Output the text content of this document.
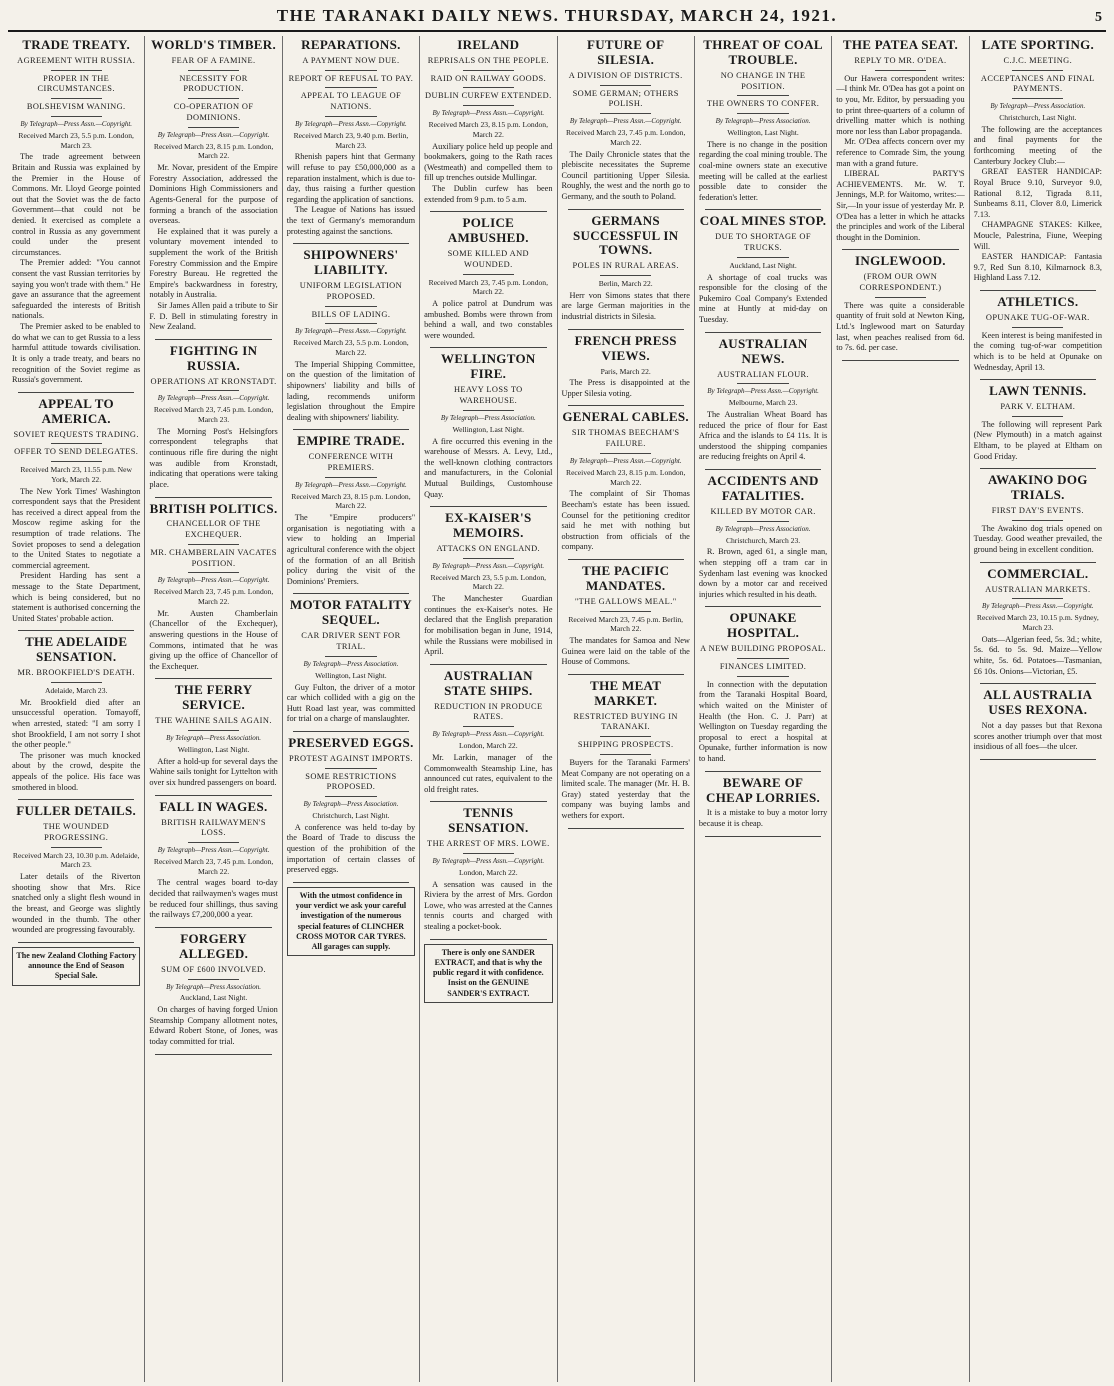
THE TARANAKI DAILY NEWS. THURSDAY, MARCH 24, 1921.	5
TRADE TREATY.
AGREEMENT WITH RUSSIA.
PROPER IN THE CIRCUMSTANCES.
BOLSHEVISM WANING.
By Telegraph—Press Assn.—Copyright.
Received March 23, 5.5 p.m. London, March 23.

The trade agreement between Britain and Russia was explained by the Premier in the House of Commons. Mr. Lloyd George pointed out that the Soviet was the de facto Government—that could not be denied. It exercised as complete a control in Russia as any government could under the present circumstances.

The Premier added: "You cannot consent the vast Russian territories by saying you won't trade with them." He gave an assurance that the agreement safeguarded the interests of British nationals.

The Premier asked to be enabled to do what we can to get Russia to a less harmful attitude towards civilisation. It is only a trade treaty, and bears no recognition of the Soviet regime as Russia's government.

APPEAL TO AMERICA.
SOVIET REQUESTS TRADING.
OFFER TO SEND DELEGATES.
Received March 23, 11.55 p.m. New York, March 22.

The New York Times' Washington correspondent says that the President has received a direct appeal from the Moscow regime asking for the resumption of trade relations. The Soviet proposes to send a delegation to the United States to negotiate a commercial agreement.

President Harding has sent a message to the State Department, which is being considered, but no statement is authorised concerning the United States' probable action.

THE ADELAIDE SENSATION.
MR. BROOKFIELD'S DEATH.
Adelaide, March 23.

Mr. Brookfield died after an unsuccessful operation. Tomayoff, when arrested, stated: "I am sorry I shot Brookfield, I am not sorry I shot the other people."

The prisoner was much knocked about by the crowd, despite the appeals of the police. His face was smothered in blood.

FULLER DETAILS.
THE WOUNDED PROGRESSING.
Received March 23, 10.30 p.m. Adelaide, March 23.

Later details of the Riverton shooting show that Mrs. Rice snatched only a slight flesh wound in the breast, and George was slightly wounded in the thumb. The other wounded are progressing favourably.

The new Zealand Clothing Factory announce the End of Season Special Sale.
WORLD'S TIMBER.
FEAR OF A FAMINE.
NECESSITY FOR PRODUCTION.
CO-OPERATION OF DOMINIONS.
By Telegraph—Press Assn.—Copyright.
Received March 23, 8.15 p.m. London, March 22.

Mr. Novar, president of the Empire Forestry Association, addressed the Dominions High Commissioners and Agents-General for the purpose of forming a branch of the association overseas.

He explained that it was purely a voluntary movement intended to supplement the work of the British Forestry Commission and the Empire Forestry Bureau. He regretted the Empire's backwardness in forestry, notably in Australia.

Sir James Allen paid a tribute to Sir F. D. Bell in stimulating forestry in New Zealand.

FIGHTING IN RUSSIA.
OPERATIONS AT KRONSTADT.
By Telegraph—Press Assn.—Copyright.
Received March 23, 7.45 p.m. London, March 23.

The Morning Post's Helsingfors correspondent telegraphs that continuous rifle fire during the night was audible from Kronstadt, indicating that operations were taking place.

BRITISH POLITICS.
CHANCELLOR OF THE EXCHEQUER.
MR. CHAMBERLAIN VACATES POSITION.
By Telegraph—Press Assn.—Copyright.
Received March 23, 7.45 p.m. London, March 22.

Mr. Austen Chamberlain (Chancellor of the Exchequer), answering questions in the House of Commons, intimated that he was giving up the office of Chancellor of the Exchequer.

THE FERRY SERVICE.
THE WAHINE SAILS AGAIN.
By Telegraph—Press Association.
Wellington, Last Night.

After a hold-up for several days the Wahine sails tonight for Lyttelton with over six hundred passengers on board.

FALL IN WAGES.
BRITISH RAILWAYMEN'S LOSS.
By Telegraph—Press Assn.—Copyright.
Received March 23, 7.45 p.m. London, March 22.

The central wages board to-day decided that railwaymen's wages must be reduced four shillings, thus saving the railways £7,200,000 a year.

FORGERY ALLEGED.
SUM OF £600 INVOLVED.
By Telegraph—Press Association.
Auckland, Last Night.

On charges of having forged Union Steamship Company allotment notes, Edward Robert Stone, of Jones, was today committed for trial.

REPARATIONS.
A PAYMENT NOW DUE.
REPORT OF REFUSAL TO PAY.
APPEAL TO LEAGUE OF NATIONS.
By Telegraph—Press Assn.—Copyright.
Received March 23, 9.40 p.m. Berlin, March 23.

Rhenish papers hint that Germany will refuse to pay £50,000,000 as a reparation instalment, which is due to-day, thus raising a further question regarding the application of sanctions.

The League of Nations has issued the text of Germany's memorandum protesting against the sanctions.

SHIPOWNERS' LIABILITY.
UNIFORM LEGISLATION PROPOSED.
BILLS OF LADING.
By Telegraph—Press Assn.—Copyright.
Received March 23, 5.5 p.m. London, March 22.

The Imperial Shipping Committee, on the question of the limitation of shipowners' liability and bills of lading, recommends uniform legislation throughout the Empire dealing with shipowners' liability.

EMPIRE TRADE.
CONFERENCE WITH PREMIERS.
By Telegraph—Press Assn.—Copyright.
Received March 23, 8.15 p.m. London, March 22.

The "Empire producers" organisation is negotiating with a view to holding an Imperial agricultural conference with the object of the formation of an all British policy during the visit of the Dominions' Premiers.

MOTOR FATALITY SEQUEL.
CAR DRIVER SENT FOR TRIAL.
By Telegraph—Press Association.
Wellington, Last Night.

Guy Fulton, the driver of a motor car which collided with a gig on the Hutt Road last year, was committed for trial on a charge of manslaughter.

PRESERVED EGGS.
PROTEST AGAINST IMPORTS.
SOME RESTRICTIONS PROPOSED.
By Telegraph—Press Association.
Christchurch, Last Night.

A conference was held to-day by the Board of Trade to discuss the question of the prohibition of the importation of certain classes of preserved eggs.

With the utmost confidence in your verdict we ask your careful investigation of the numerous special features of CLINCHER CROSS MOTOR CAR TYRES. All garages can supply.
IRELAND
REPRISALS ON THE PEOPLE.
RAID ON RAILWAY GOODS.
DUBLIN CURFEW EXTENDED.
By Telegraph—Press Assn.—Copyright.
Received March 23, 8.15 p.m. London, March 22.

Auxiliary police held up people and bookmakers, going to the Rath races (Westmeath) and compelled them to fill up trenches outside Mullingar.

The Dublin curfew has been extended from 9 p.m. to 5 a.m.

POLICE AMBUSHED.
SOME KILLED AND WOUNDED.
Received March 23, 7.45 p.m. London, March 22.

A police patrol at Dundrum was ambushed. Bombs were thrown from behind a wall, and two constables were wounded.

WELLINGTON FIRE.
HEAVY LOSS TO WAREHOUSE.
By Telegraph—Press Association.
Wellington, Last Night.

A fire occurred this evening in the warehouse of Messrs. A. Levy, Ltd., the well-known clothing contractors and manufacturers, in the Colonial Mutual Buildings, Customhouse Quay.

EX-KAISER'S MEMOIRS.
ATTACKS ON ENGLAND.
By Telegraph—Press Assn.—Copyright.
Received March 23, 5.5 p.m. London, March 22.

The Manchester Guardian continues the ex-Kaiser's notes. He declared that the English preparation for mobilisation began in June, 1914, while the Russians were mobilised in April.

AUSTRALIAN STATE SHIPS.
REDUCTION IN PRODUCE RATES.
By Telegraph—Press Assn.—Copyright.
London, March 22.

Mr. Larkin, manager of the Commonwealth Steamship Line, has announced cut rates, equivalent to the old freight rates.

TENNIS SENSATION.
THE ARREST OF MRS. LOWE.
By Telegraph—Press Assn.—Copyright.
London, March 22.

A sensation was caused in the Riviera by the arrest of Mrs. Gordon Lowe, who was arrested at the Cannes tennis courts and charged with stealing a pocket-book.

There is only one SANDER EXTRACT, and that is why the public regard it with confidence. Insist on the GENUINE SANDER'S EXTRACT.
FUTURE OF SILESIA.
A DIVISION OF DISTRICTS.
SOME GERMAN; OTHERS POLISH.
By Telegraph—Press Assn.—Copyright.
Received March 23, 7.45 p.m. London, March 22.

The Daily Chronicle states that the plebiscite necessitates the Supreme Council partitioning Upper Silesia. Roughly, the west and the north go to Germany, and the south to Poland.

GERMANS SUCCESSFUL IN TOWNS.
POLES IN RURAL AREAS.
Berlin, March 22.

Herr von Simons states that there are large German majorities in the industrial districts in Silesia.

FRENCH PRESS VIEWS.
Paris, March 22.

The Press is disappointed at the Upper Silesia voting.

GENERAL CABLES.
SIR THOMAS BEECHAM'S FAILURE.
By Telegraph—Press Assn.—Copyright.
Received March 23, 8.15 p.m. London, March 22.

The complaint of Sir Thomas Beecham's estate has been issued. Counsel for the petitioning creditor said he met with nothing but obstruction from officials of the company.

THE PACIFIC MANDATES.
"THE GALLOWS MEAL."
Received March 23, 7.45 p.m. Berlin, March 22.

The mandates for Samoa and New Guinea were laid on the table of the House of Commons.

THE MEAT MARKET.
RESTRICTED BUYING IN TARANAKI.
SHIPPING PROSPECTS.

Buyers for the Taranaki Farmers' Meat Company are not operating on a limited scale. The manager (Mr. H. B. Gray) stated yesterday that the company was buying lambs and wethers for export.

THREAT OF COAL TROUBLE.
NO CHANGE IN THE POSITION.
THE OWNERS TO CONFER.
By Telegraph—Press Association.
Wellington, Last Night.

There is no change in the position regarding the coal mining trouble. The coal-mine owners state an executive meeting will be called at the earliest possible date to consider the federation's letter.

COAL MINES STOP.
DUE TO SHORTAGE OF TRUCKS.
Auckland, Last Night.

A shortage of coal trucks was responsible for the closing of the Pukemiro Coal Company's Extended mine at Huntly at mid-day on Tuesday.

AUSTRALIAN NEWS.
AUSTRALIAN FLOUR.
By Telegraph—Press Assn.—Copyright.
Melbourne, March 23.

The Australian Wheat Board has reduced the price of flour for East Africa and the islands to £4 11s. It is understood the shipping companies are reducing freights on April 4.

ACCIDENTS AND FATALITIES.
KILLED BY MOTOR CAR.
By Telegraph—Press Association.
Christchurch, March 23.

R. Brown, aged 61, a single man, when stepping off a tram car in Sydenham last evening was knocked down by a motor car and received injuries which resulted in his death.

OPUNAKE HOSPITAL.
A NEW BUILDING PROPOSAL.
FINANCES LIMITED.

In connection with the deputation from the Taranaki Hospital Board, which waited on the Minister of Health (the Hon. C. J. Parr) at Wellington on Tuesday regarding the proposal to erect a hospital at Opunake, further information is now to hand.

BEWARE OF CHEAP LORRIES.

It is a mistake to buy a motor lorry because it is cheap.

THE PATEA SEAT.
REPLY TO MR. O'DEA.

Our Hawera correspondent writes:—I think Mr. O'Dea has got a point on to you, Mr. Editor, by persuading you to print three-quarters of a column of drivelling matter which is nothing more nor less than Labor propaganda.

Mr. O'Dea affects concern over my reference to Comrade Sim, the young man with a grand future.

LIBERAL PARTY'S ACHIEVEMENTS. Mr. W. T. Jennings, M.P. for Waitomo, writes:—Sir,—In your issue of yesterday Mr. P. O'Dea has a letter in which he attacks the principles and work of the Liberal thought in the Dominion.

INGLEWOOD.
(FROM OUR OWN CORRESPONDENT.)

There was quite a considerable quantity of fruit sold at Newton King, Ltd.'s Inglewood mart on Saturday last, when peaches realised from 6d. to 7s. 6d. per case.

LATE SPORTING.
C.J.C. MEETING.
ACCEPTANCES AND FINAL PAYMENTS.
By Telegraph—Press Association.
Christchurch, Last Night.

The following are the acceptances and final payments for the forthcoming meeting of the Canterbury Jockey Club:—

GREAT EASTER HANDICAP: Royal Bruce 9.10, Surveyor 9.0, Rational 8.12, Tigrada 8.11, Sunbeams 8.11, Clover 8.0, Limerick 7.13.

CHAMPAGNE STAKES: Kilkee, Moucle, Palestrina, Fiune, Weeping Will.

EASTER HANDICAP: Fantasia 9.7, Red Sun 8.10, Kilmarnock 8.3, Highland Lass 7.12.

ATHLETICS.
OPUNAKE TUG-OF-WAR.

Keen interest is being manifested in the coming tug-of-war competition which is to be held at Opunake on Wednesday, April 13.

LAWN TENNIS.
PARK V. ELTHAM.

The following will represent Park (New Plymouth) in a match against Eltham, to be played at Eltham on Good Friday.

AWAKINO DOG TRIALS.
FIRST DAY'S EVENTS.

The Awakino dog trials opened on Tuesday. Good weather prevailed, the ground being in excellent condition.

COMMERCIAL.
AUSTRALIAN MARKETS.
By Telegraph—Press Assn.—Copyright.
Received March 23, 10.15 p.m. Sydney, March 23.

Oats—Algerian feed, 5s. 3d.; white, 5s. 6d. to 5s. 9d. Maize—Yellow white, 5s. 6d. Potatoes—Tasmanian, £6 10s. Onions—Victorian, £5.

ALL AUSTRALIA USES REXONA.

Not a day passes but that Rexona scores another triumph over that most insidious of all foes—the ulcer.
